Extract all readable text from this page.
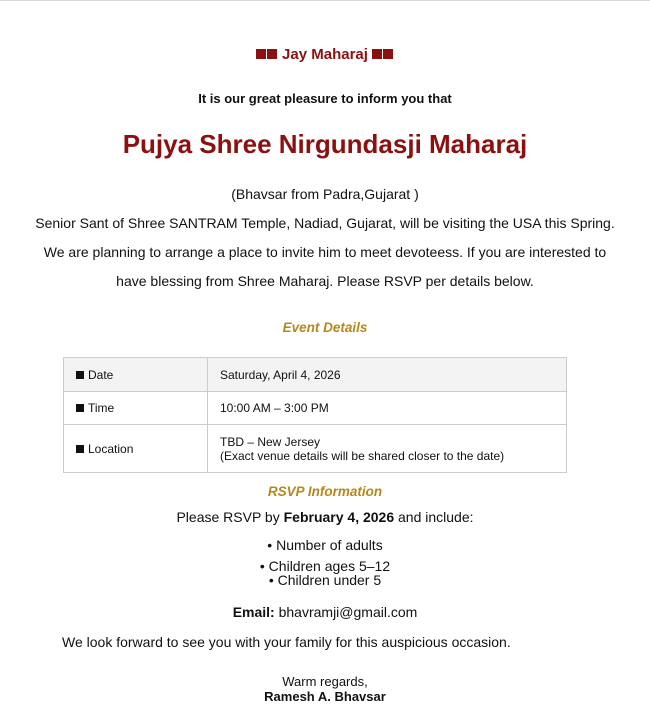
Jay Maharaj
It is our great pleasure to inform you that
Pujya Shree Nirgundasji Maharaj
(Bhavsar from Padra,Gujarat )
Senior Sant of Shree SANTRAM Temple, Nadiad, Gujarat, will be visiting the USA this Spring.
We are planning to arrange a place to invite him to meet devoteess. If you are interested to
have blessing from Shree Maharaj. Please RSVP per details below.
Event Details
Date	Saturday, April 4, 2026
Time	10:00 AM – 3:00 PM
Location	TBD – New Jersey
(Exact venue details will be shared closer to the date)
RSVP Information
Please RSVP by February 4, 2026 and include:
• Number of adults
• Children ages 5–12
• Children under 5
Email: bhavramji@gmail.com
We look forward to see you with your family for this auspicious occasion.
Warm regards,
Ramesh A. Bhavsar
